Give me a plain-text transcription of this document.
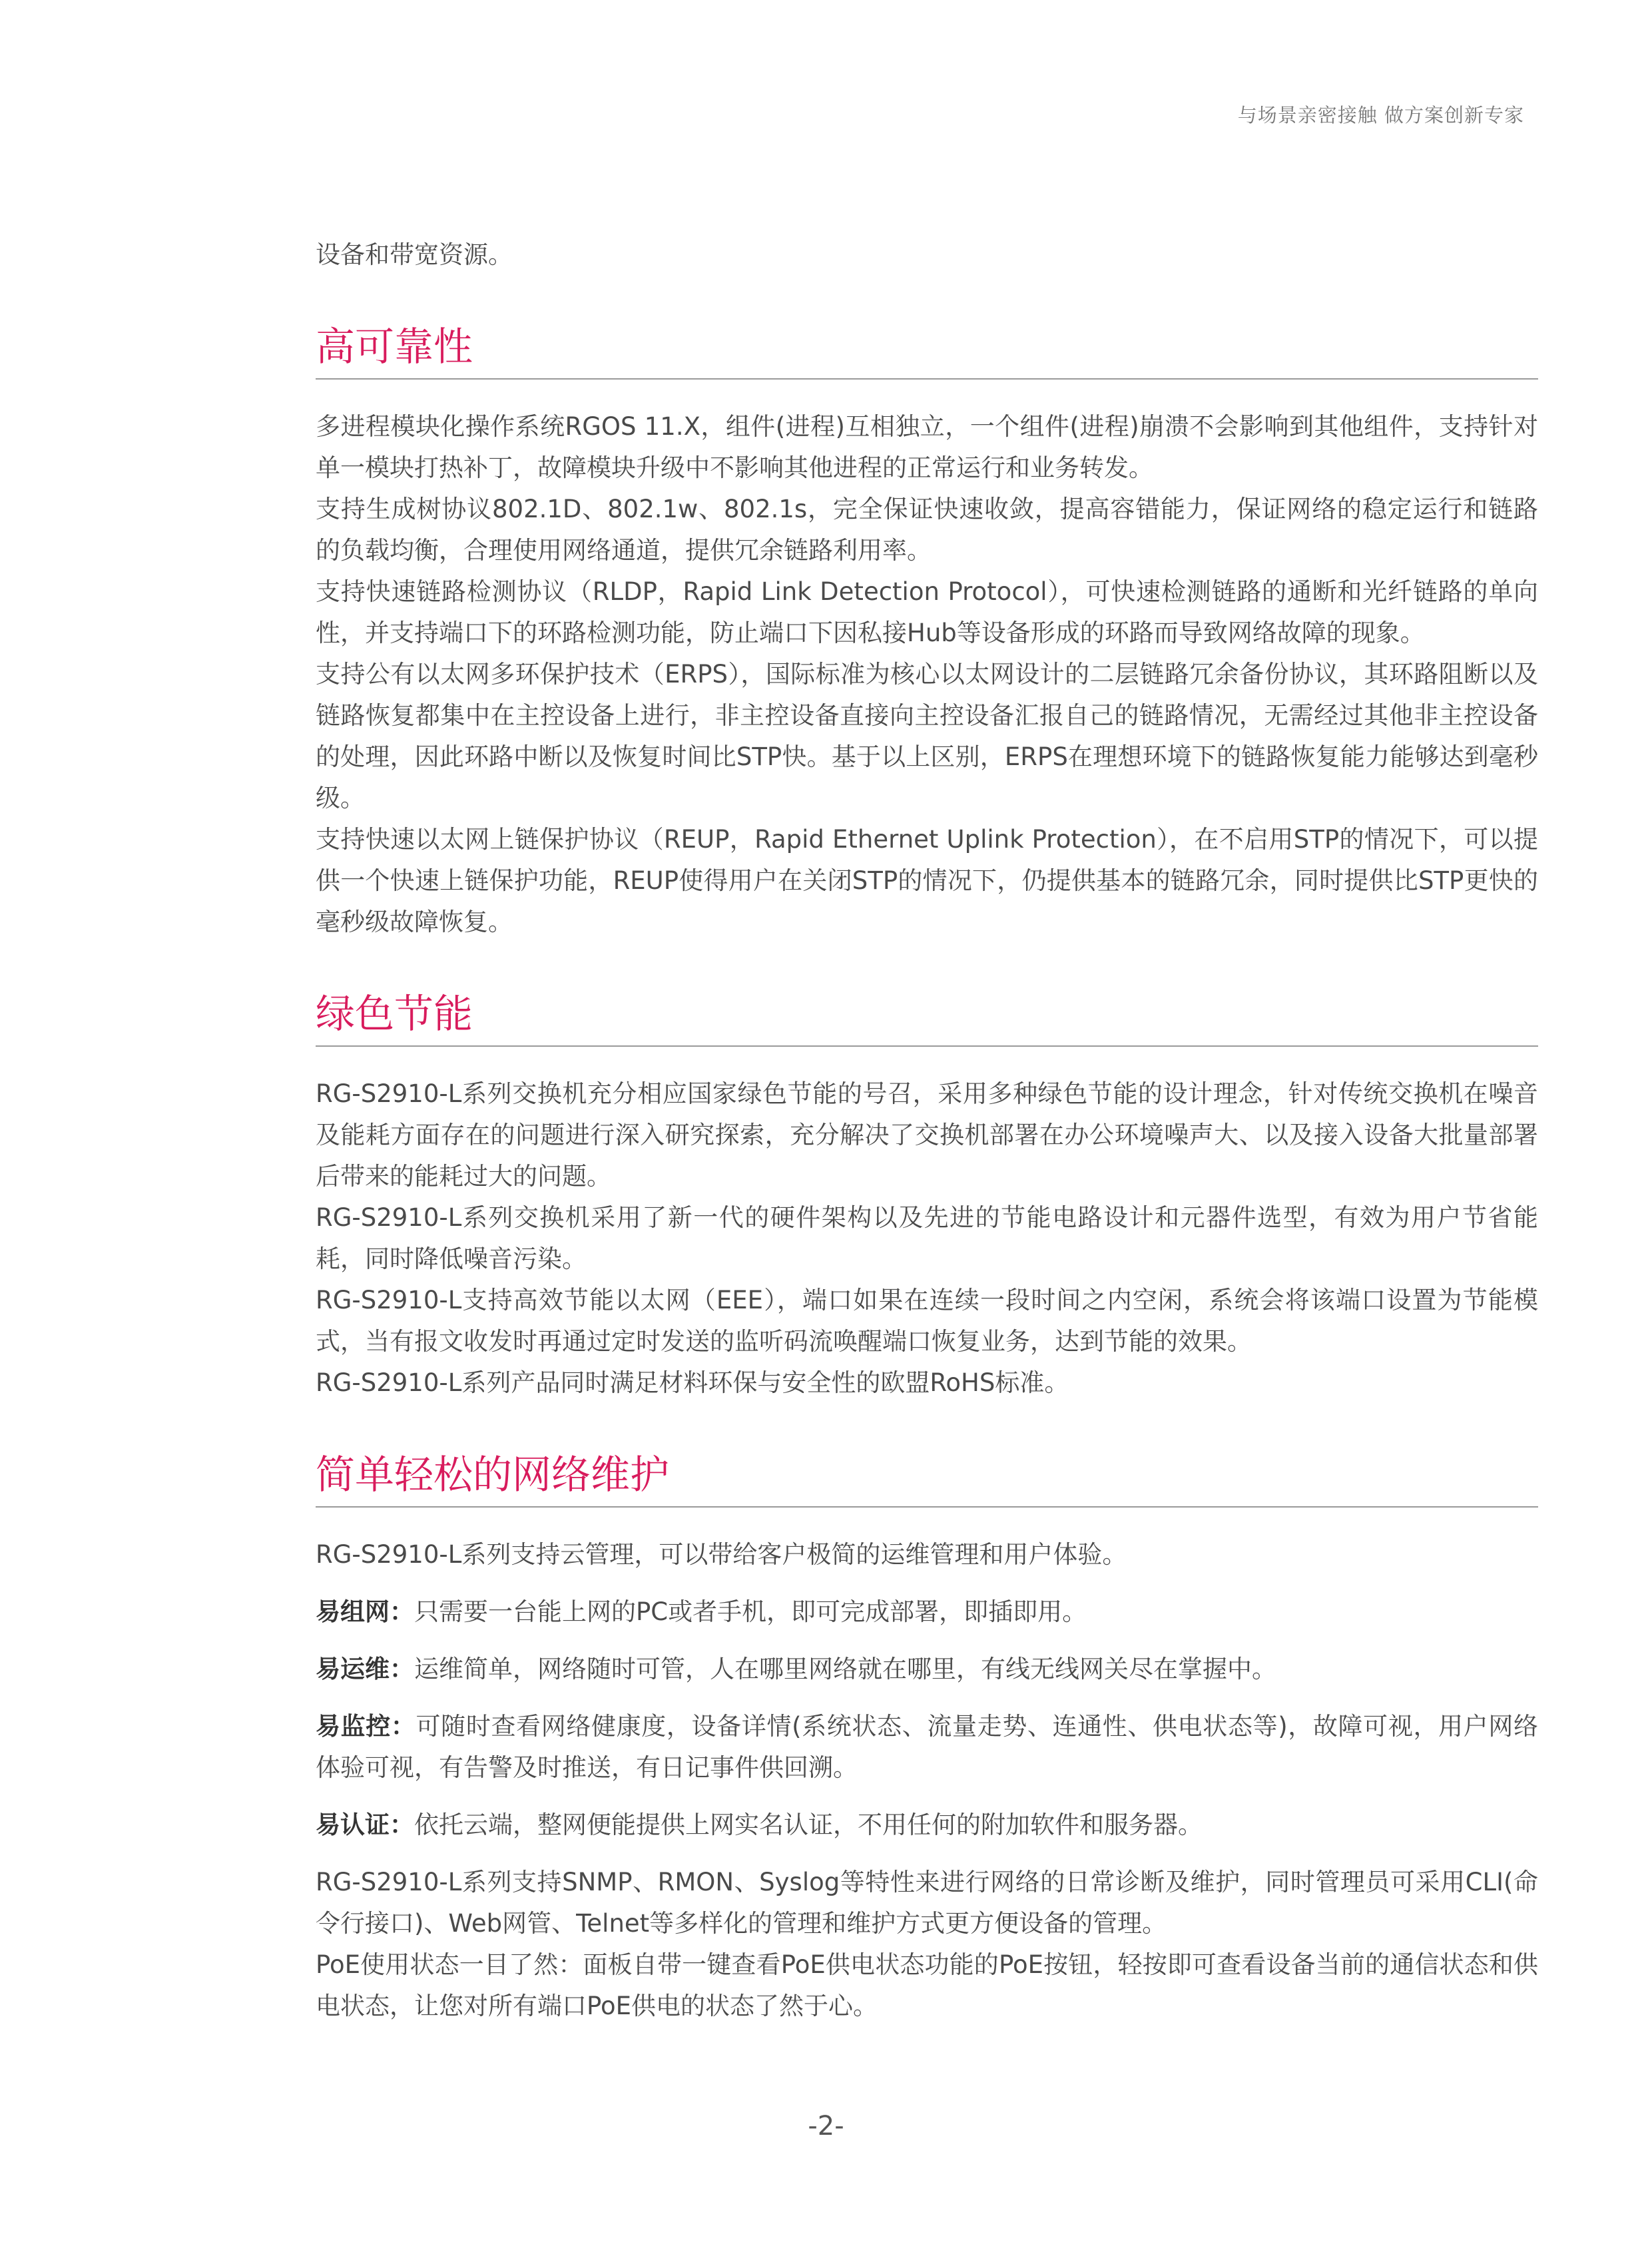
与场景亲密接触 做方案创新专家

设备和带宽资源。

高可靠性

多进程模块化操作系统RGOS 11.X，组件(进程)互相独立，一个组件(进程)崩溃不会影响到其他组件，支持针对单一模块打热补丁，故障模块升级中不影响其他进程的正常运行和业务转发。

支持生成树协议802.1D、802.1w、802.1s，完全保证快速收敛，提高容错能力，保证网络的稳定运行和链路的负载均衡，合理使用网络通道，提供冗余链路利用率。

支持快速链路检测协议（RLDP，Rapid Link Detection Protocol），可快速检测链路的通断和光纤链路的单向性，并支持端口下的环路检测功能，防止端口下因私接Hub等设备形成的环路而导致网络故障的现象。

支持公有以太网多环保护技术（ERPS），国际标准为核心以太网设计的二层链路冗余备份协议，其环路阻断以及链路恢复都集中在主控设备上进行，非主控设备直接向主控设备汇报自己的链路情况，无需经过其他非主控设备的处理，因此环路中断以及恢复时间比STP快。基于以上区别，ERPS在理想环境下的链路恢复能力能够达到毫秒级。

支持快速以太网上链保护协议（REUP，Rapid Ethernet Uplink Protection），在不启用STP的情况下，可以提供一个快速上链保护功能，REUP使得用户在关闭STP的情况下，仍提供基本的链路冗余，同时提供比STP更快的毫秒级故障恢复。

绿色节能

RG-S2910-L系列交换机充分相应国家绿色节能的号召，采用多种绿色节能的设计理念，针对传统交换机在噪音及能耗方面存在的问题进行深入研究探索，充分解决了交换机部署在办公环境噪声大、以及接入设备大批量部署后带来的能耗过大的问题。

RG-S2910-L系列交换机采用了新一代的硬件架构以及先进的节能电路设计和元器件选型，有效为用户节省能耗，同时降低噪音污染。

RG-S2910-L支持高效节能以太网（EEE），端口如果在连续一段时间之内空闲，系统会将该端口设置为节能模式，当有报文收发时再通过定时发送的监听码流唤醒端口恢复业务，达到节能的效果。

RG-S2910-L系列产品同时满足材料环保与安全性的欧盟RoHS标准。

简单轻松的网络维护

RG-S2910-L系列支持云管理，可以带给客户极简的运维管理和用户体验。

易组网：只需要一台能上网的PC或者手机，即可完成部署，即插即用。

易运维：运维简单，网络随时可管，人在哪里网络就在哪里，有线无线网关尽在掌握中。

易监控：可随时查看网络健康度，设备详情(系统状态、流量走势、连通性、供电状态等)，故障可视，用户网络体验可视，有告警及时推送，有日记事件供回溯。

易认证：依托云端，整网便能提供上网实名认证，不用任何的附加软件和服务器。

RG-S2910-L系列支持SNMP、RMON、Syslog等特性来进行网络的日常诊断及维护，同时管理员可采用CLI(命令行接口)、Web网管、Telnet等多样化的管理和维护方式更方便设备的管理。

PoE使用状态一目了然：面板自带一键查看PoE供电状态功能的PoE按钮，轻按即可查看设备当前的通信状态和供电状态，让您对所有端口PoE供电的状态了然于心。

-2-
